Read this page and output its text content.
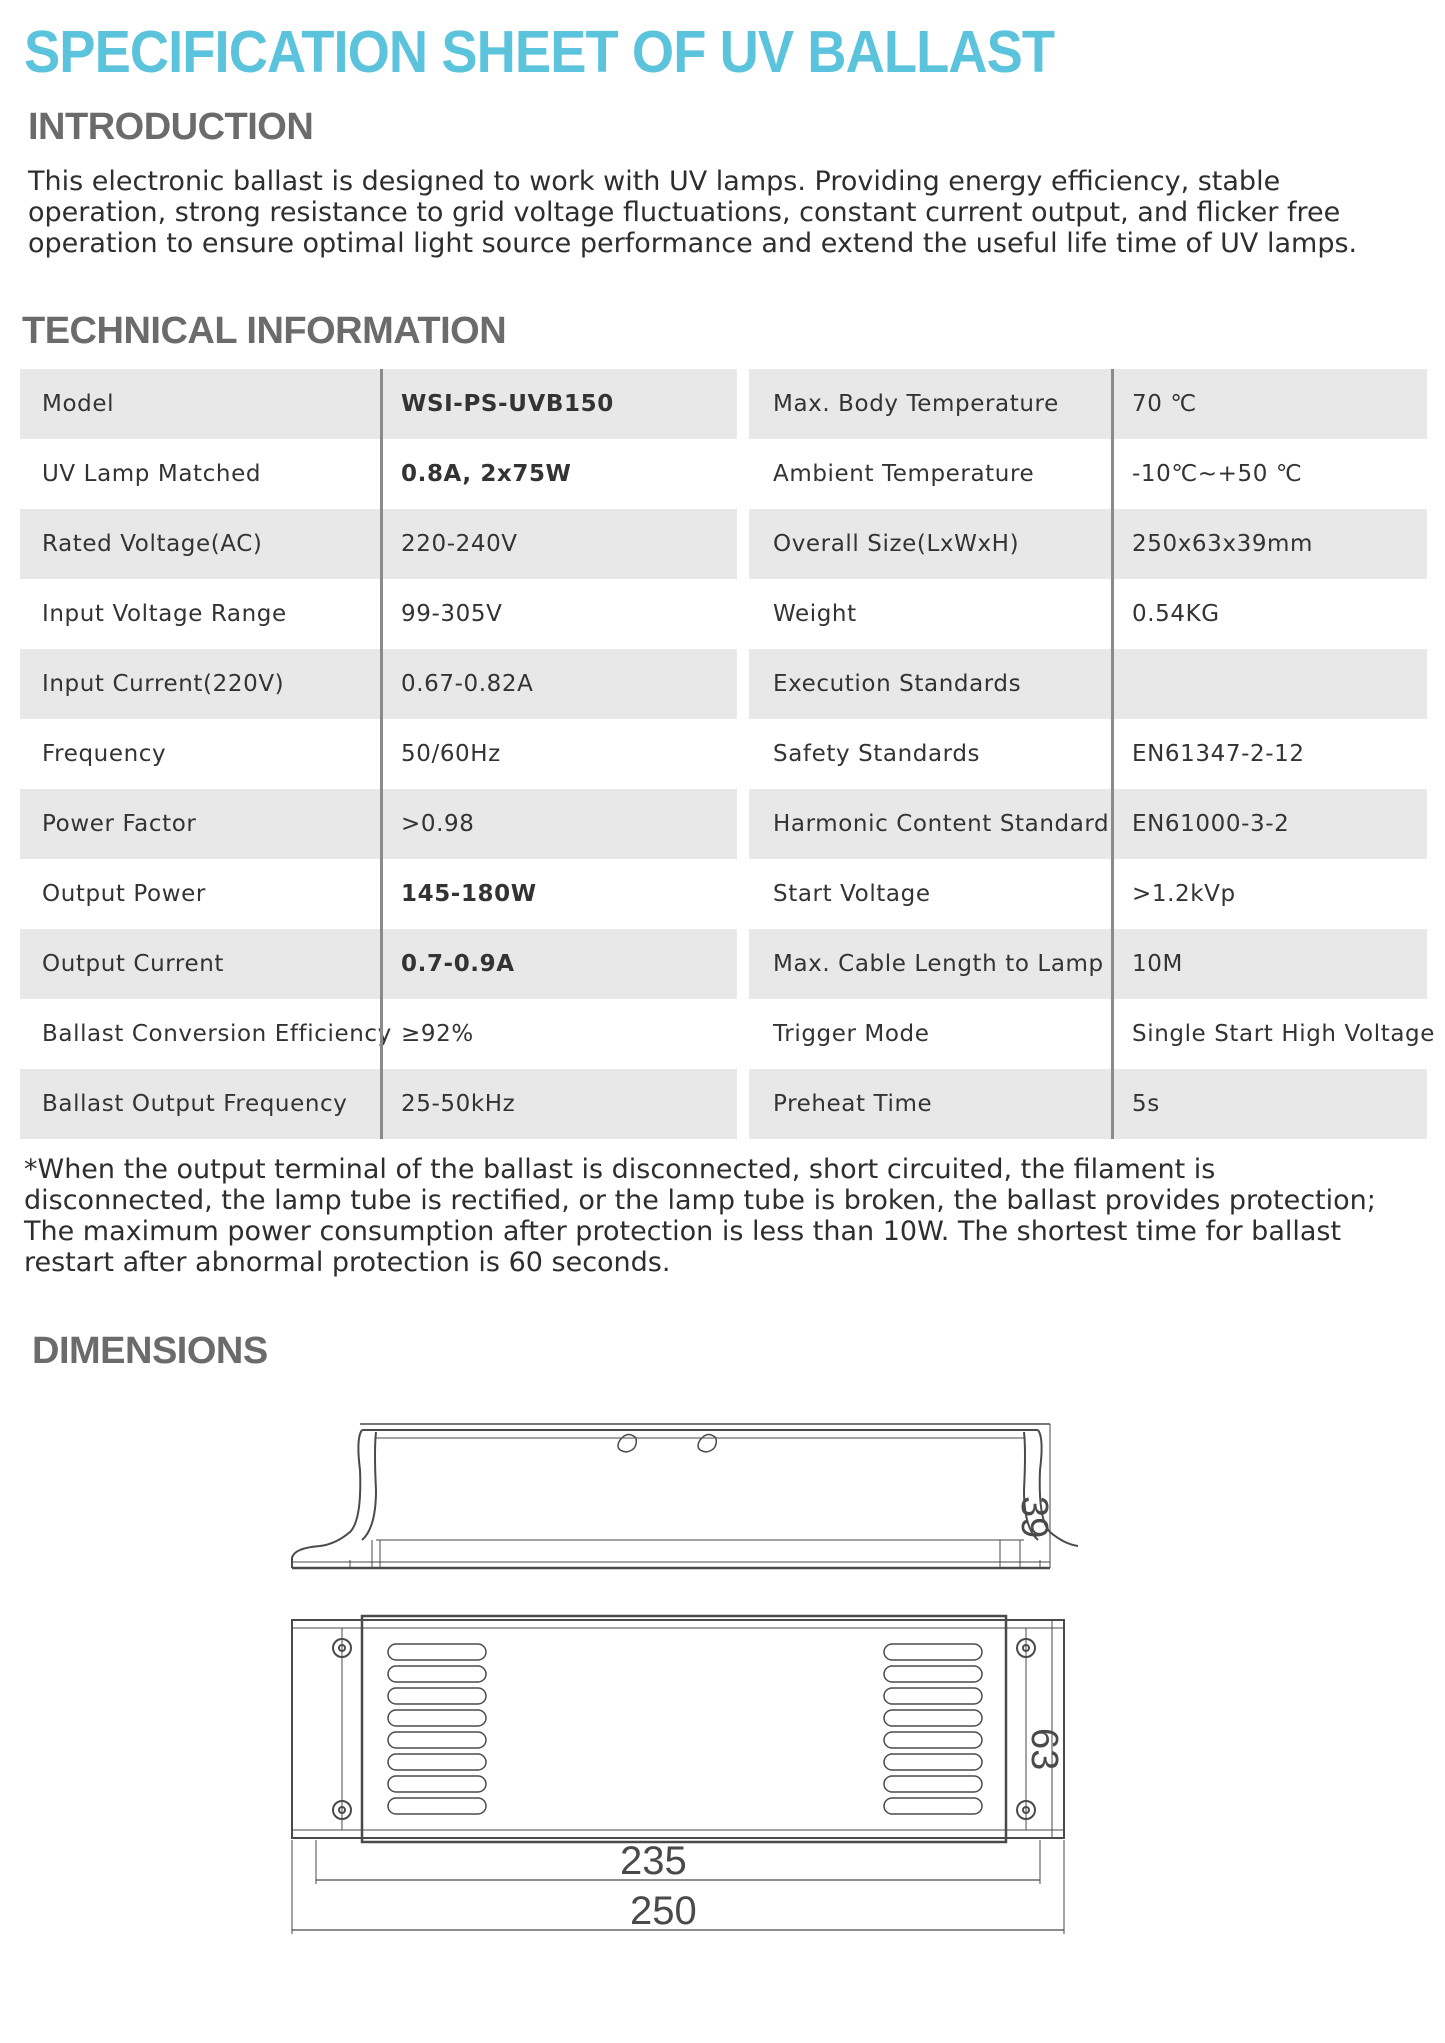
SPECIFICATION SHEET OF UV BALLAST
INTRODUCTION

This electronic ballast is designed to work with UV lamps. Providing energy efficiency, stable
operation, strong resistance to grid voltage fluctuations, constant current output, and flicker free
operation to ensure optimal light source performance and extend the useful life time of UV lamps.

TECHNICAL INFORMATION
Model	WSI-PS-UVB150	Max. Body Temperature	70 ℃
UV Lamp Matched	0.8A, 2x75W	Ambient Temperature	-10℃~+50 ℃
Rated Voltage(AC)	220-240V	Overall Size(LxWxH)	250x63x39mm
Input Voltage Range	99-305V	Weight	0.54KG
Input Current(220V)	0.67-0.82A	Execution Standards
Frequency	50/60Hz	Safety Standards	EN61347-2-12
Power Factor	>0.98	Harmonic Content Standard EN61000-3-2
Output Power	145-180W	Start Voltage	>1.2kVp
Output Current	0.7-0.9A	Max. Cable Length to Lamp	10M
Ballast Conversion Efficiency ≥92%	Trigger Mode	Single Start High Voltage
Ballast Output Frequency	25-50kHz	Preheat Time	5s

*When the output terminal of the ballast is disconnected, short circuited, the filament is
disconnected, the lamp tube is rectified, or the lamp tube is broken, the ballast provides protection;
The maximum power consumption after protection is less than 10W. The shortest time for ballast
restart after abnormal protection is 60 seconds.

DIMENSIONS
39
63
235
250
